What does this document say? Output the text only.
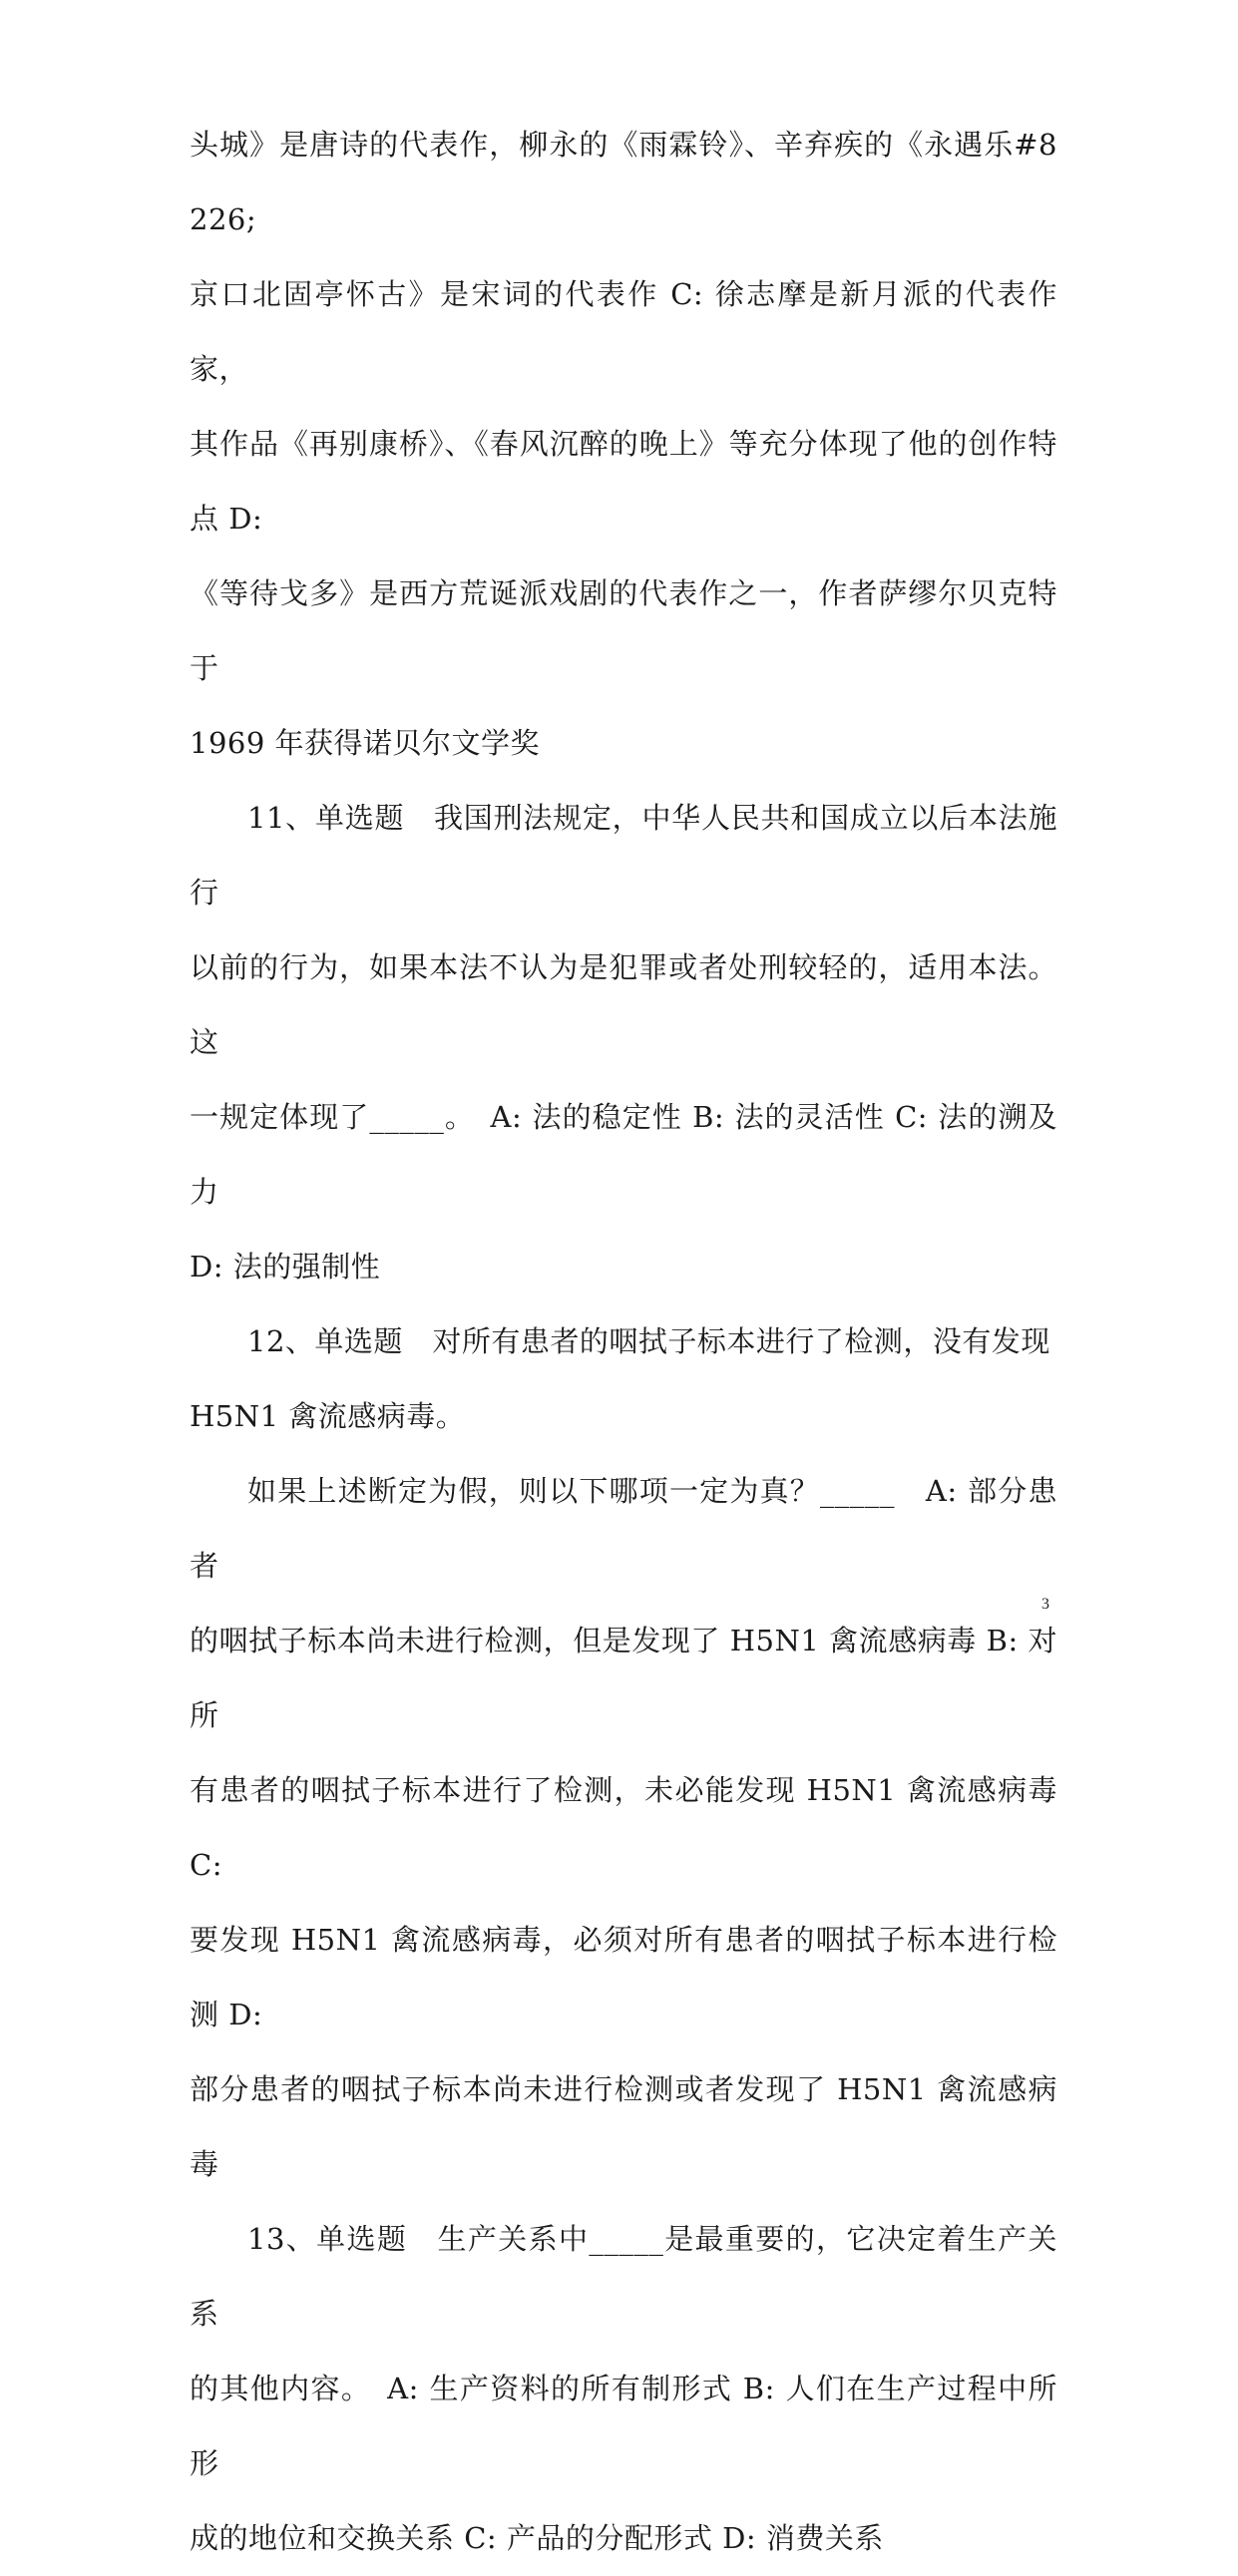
头城》是唐诗的代表作，柳永的《雨霖铃》、辛弃疾的《永遇乐#8226;
京口北固亭怀古》是宋词的代表作 C: 徐志摩是新月派的代表作家，
其作品《再别康桥》、《春风沉醉的晚上》等充分体现了他的创作特点 D:
《等待戈多》是西方荒诞派戏剧的代表作之一，作者萨缪尔贝克特于
1969 年获得诺贝尔文学奖
11、单选题　我国刑法规定，中华人民共和国成立以后本法施行
以前的行为，如果本法不认为是犯罪或者处刑较轻的，适用本法。这
一规定体现了_____。　A: 法的稳定性 B: 法的灵活性 C: 法的溯及力
D: 法的强制性
12、单选题　对所有患者的咽拭子标本进行了检测，没有发现
H5N1 禽流感病毒。
如果上述断定为假，则以下哪项一定为真？_____　A: 部分患者
的咽拭子标本尚未进行检测，但是发现了 H5N1 禽流感病毒 B: 对所
有患者的咽拭子标本进行了检测，未必能发现 H5N1 禽流感病毒 C:
要发现 H5N1 禽流感病毒，必须对所有患者的咽拭子标本进行检测 D:
部分患者的咽拭子标本尚未进行检测或者发现了 H5N1 禽流感病毒
13、单选题　生产关系中_____是最重要的，它决定着生产关系
的其他内容。　A: 生产资料的所有制形式 B: 人们在生产过程中所形
成的地位和交换关系 C: 产品的分配形式 D: 消费关系
3
